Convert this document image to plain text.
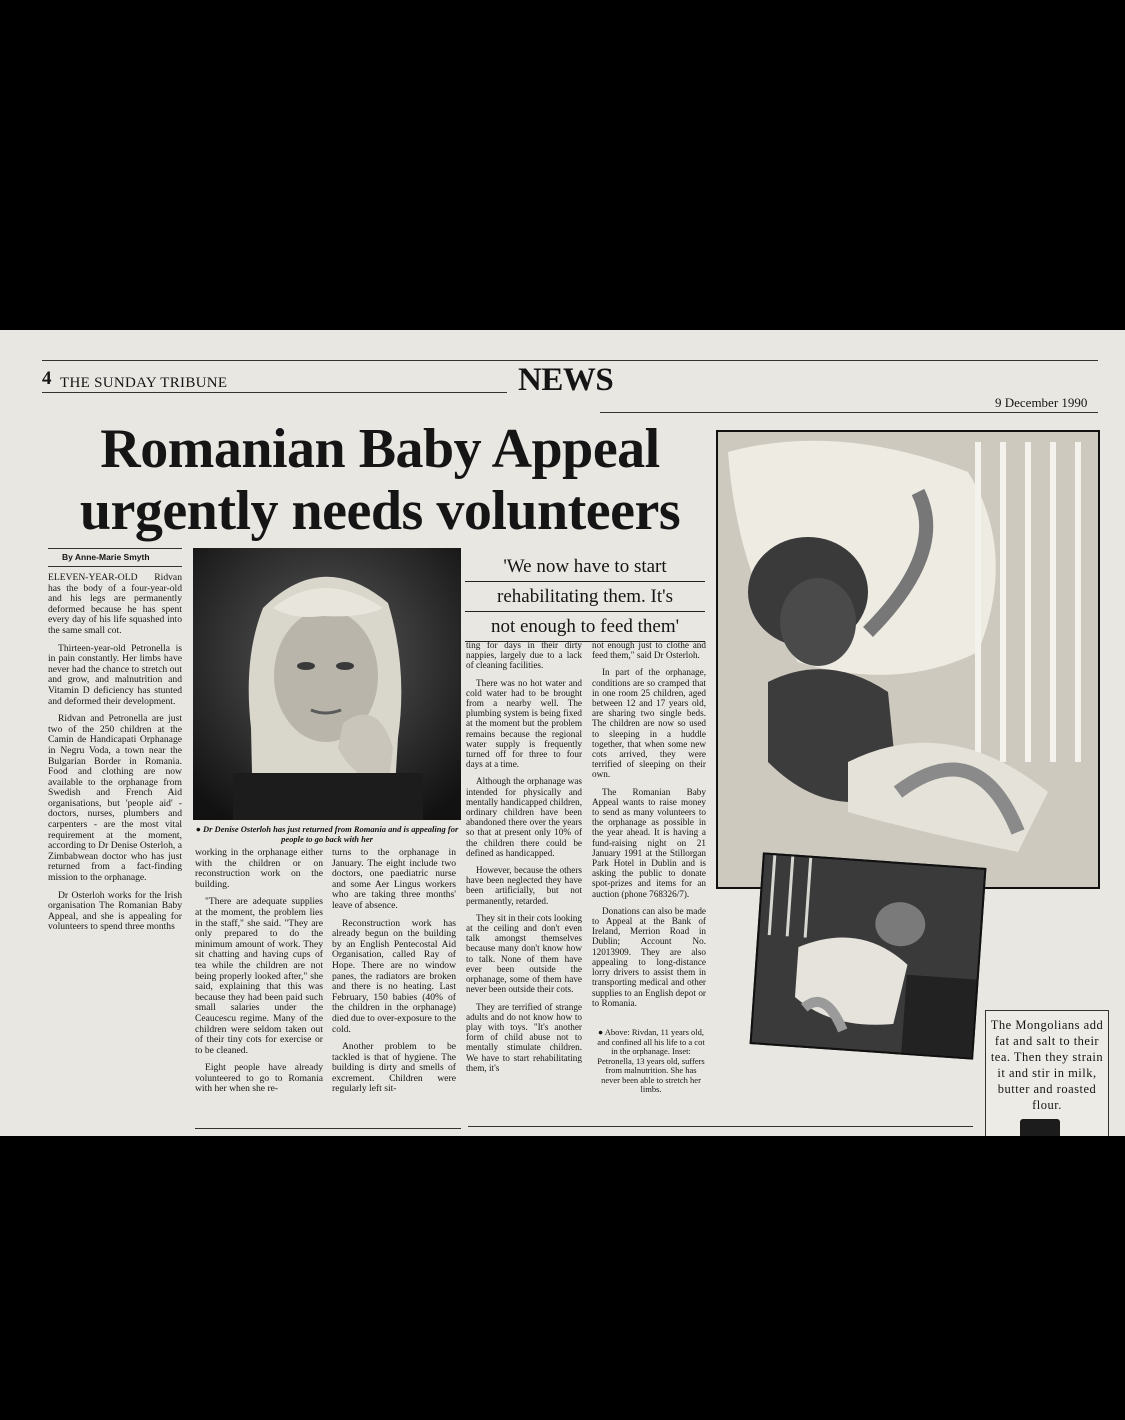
4 THE SUNDAY TRIBUNE	NEWS
9 December 1990
Romanian Baby Appeal
urgently needs volunteers
By Anne-Marie Smyth

ELEVEN-YEAR-OLD Ridvan has the body of a four-year-old and his legs are permanently deformed because he has spent every day of his life squashed into the same small cot.

Thirteen-year-old Petronella is in pain constantly. Her limbs have never had the chance to stretch out and grow, and malnutrition and Vitamin D deficiency has stunted and deformed their development.

Ridvan and Petronella are just two of the 250 children at the Camin de Handicapati Orphanage in Negru Voda, a town near the Bulgarian Border in Romania. Food and clothing are now available to the orphanage from Swedish and French Aid organisations, but 'people aid' - doctors, nurses, plumbers and carpenters - are the most vital requirement at the moment, according to Dr Denise Osterloh, a Zimbabwean doctor who has just returned from a fact-finding mission to the orphanage.

Dr Osterloh works for the Irish organisation The Romanian Baby Appeal, and she is appealing for volunteers to spend three months

● Dr Denise Osterloh has just returned from Romania and is appealing for people to go back with her

working in the orphanage either with the children or on reconstruction work on the building.

"There are adequate supplies at the moment, the problem lies in the staff," she said. "They are only prepared to do the minimum amount of work. They sit chatting and having cups of tea while the children are not being properly looked after," she said, explaining that this was because they had been paid such small salaries under the Ceaucescu regime. Many of the children were seldom taken out of their tiny cots for exercise or to be cleaned.

Eight people have already volunteered to go to Romania with her when she re-

turns to the orphanage in January. The eight include two doctors, one paediatric nurse and some Aer Lingus workers who are taking three months' leave of absence.

Reconstruction work has already begun on the building by an English Pentecostal Aid Organisation, called Ray of Hope. There are no window panes, the radiators are broken and there is no heating. Last February, 150 babies (40% of the children in the orphanage) died due to over-exposure to the cold.

Another problem to be tackled is that of hygiene. The building is dirty and smells of excrement. Children were regularly left sit-

'We now have to start
rehabilitating them. It's
not enough to feed them'

ting for days in their dirty nappies, largely due to a lack of cleaning facilities.

There was no hot water and cold water had to be brought from a nearby well. The plumbing system is being fixed at the moment but the problem remains because the regional water supply is frequently turned off for three to four days at a time.

Although the orphanage was intended for physically and mentally handicapped children, ordinary children have been abandoned there over the years so that at present only 10% of the children there could be defined as handicapped.

However, because the others have been neglected they have been artificially, but not permanently, retarded.

They sit in their cots looking at the ceiling and don't even talk amongst themselves because many don't know how to talk. None of them have ever been outside the orphanage, some of them have never been outside their cots.

They are terrified of strange adults and do not know how to play with toys. "It's another form of child abuse not to mentally stimulate children. We have to start rehabilitating them, it's

not enough just to clothe and feed them," said Dr Osterloh.

In part of the orphanage, conditions are so cramped that in one room 25 children, aged between 12 and 17 years old, are sharing two single beds. The children are now so used to sleeping in a huddle together, that when some new cots arrived, they were terrified of sleeping on their own.

The Romanian Baby Appeal wants to raise money to send as many volunteers to the orphanage as possible in the year ahead. It is having a fund-raising night on 21 January 1991 at the Stillorgan Park Hotel in Dublin and is asking the public to donate spot-prizes and items for an auction (phone 768326/7).

Donations can also be made to Appeal at the Bank of Ireland, Merrion Road in Dublin; Account No. 12013909. They are also appealing to long-distance lorry drivers to assist them in transporting medical and other supplies to an English depot or to Romania.

● Above: Rivdan, 11 years old, and confined all his life to a cot in the orphanage. Inset: Petronella, 13 years old, suffers from malnutrition. She has never been able to stretch her limbs.
The Mongolians add fat and salt to their tea. Then they strain it and stir in milk, butter and roasted flour.
